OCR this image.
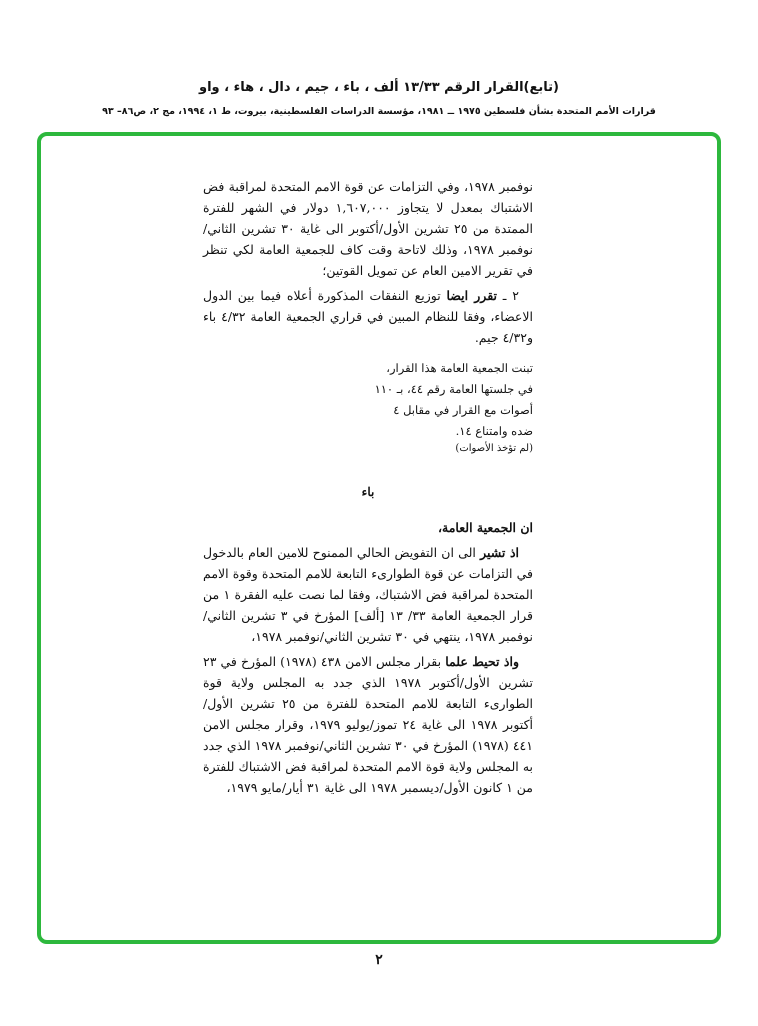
(تابع)القرار الرقم ١٣/٣٣ ألف ، باء ، جيم ، دال ، هاء ، واو
قرارات الأمم المتحدة بشأن فلسطين ١٩٧٥ ــ ١٩٨١، مؤسسة الدراسات الفلسطينية، بيروت، ط ١، ١٩٩٤، مج ٢، ص٨٦– ٩٣

نوفمبر ١٩٧٨، وفي التزامات عن قوة الامم المتحدة لمراقبة فض الاشتباك بمعدل لا يتجاوز ١,٦٠٧,٠٠٠ دولار في الشهر للفترة الممتدة من ٢٥ تشرين الأول/أكتوبر الى غاية ٣٠ تشرين الثاني/نوفمبر ١٩٧٨، وذلك لاتاحة وقت كاف للجمعية العامة لكي تنظر في تقرير الامين العام عن تمويل القوتين؛

٢ ـ تقرر ايضا توزيع النفقات المذكورة أعلاه فيما بين الدول الاعضاء، وفقا للنظام المبين في قراري الجمعية العامة ٤/٣٢ باء و٤/٣٢ جيم.

تبنت الجمعية العامة هذا القرار، في جلستها العامة رقم ٤٤، بـ ١١٠ أصوات مع القرار في مقابل ٤ ضده وامتناع ١٤.

(لم تؤخذ الأصوات)

باء

ان الجمعية العامة،

اذ تشير الى ان التفويض الحالي الممنوح للامين العام بالدخول في التزامات عن قوة الطوارىء التابعة للامم المتحدة وقوة الامم المتحدة لمراقبة فض الاشتباك، وفقا لما نصت عليه الفقرة ١ من قرار الجمعية العامة ٣٣/ ١٣ [ألف] المؤرخ في ٣ تشرين الثاني/نوفمبر ١٩٧٨، ينتهي في ٣٠ تشرين الثاني/نوفمبر ١٩٧٨،

واذ تحيط علما بقرار مجلس الامن ٤٣٨ (١٩٧٨) المؤرخ في ٢٣ تشرين الأول/أكتوبر ١٩٧٨ الذي جدد به المجلس ولاية قوة الطوارىء التابعة للامم المتحدة للفترة من ٢٥ تشرين الأول/أكتوبر ١٩٧٨ الى غاية ٢٤ تموز/يوليو ١٩٧٩، وقرار مجلس الامن ٤٤١ (١٩٧٨) المؤرخ في ٣٠ تشرين الثاني/نوفمبر ١٩٧٨ الذي جدد به المجلس ولاية قوة الامم المتحدة لمراقبة فض الاشتباك للفترة من ١ كانون الأول/ديسمبر ١٩٧٨ الى غاية ٣١ أيار/مايو ١٩٧٩،

٢
